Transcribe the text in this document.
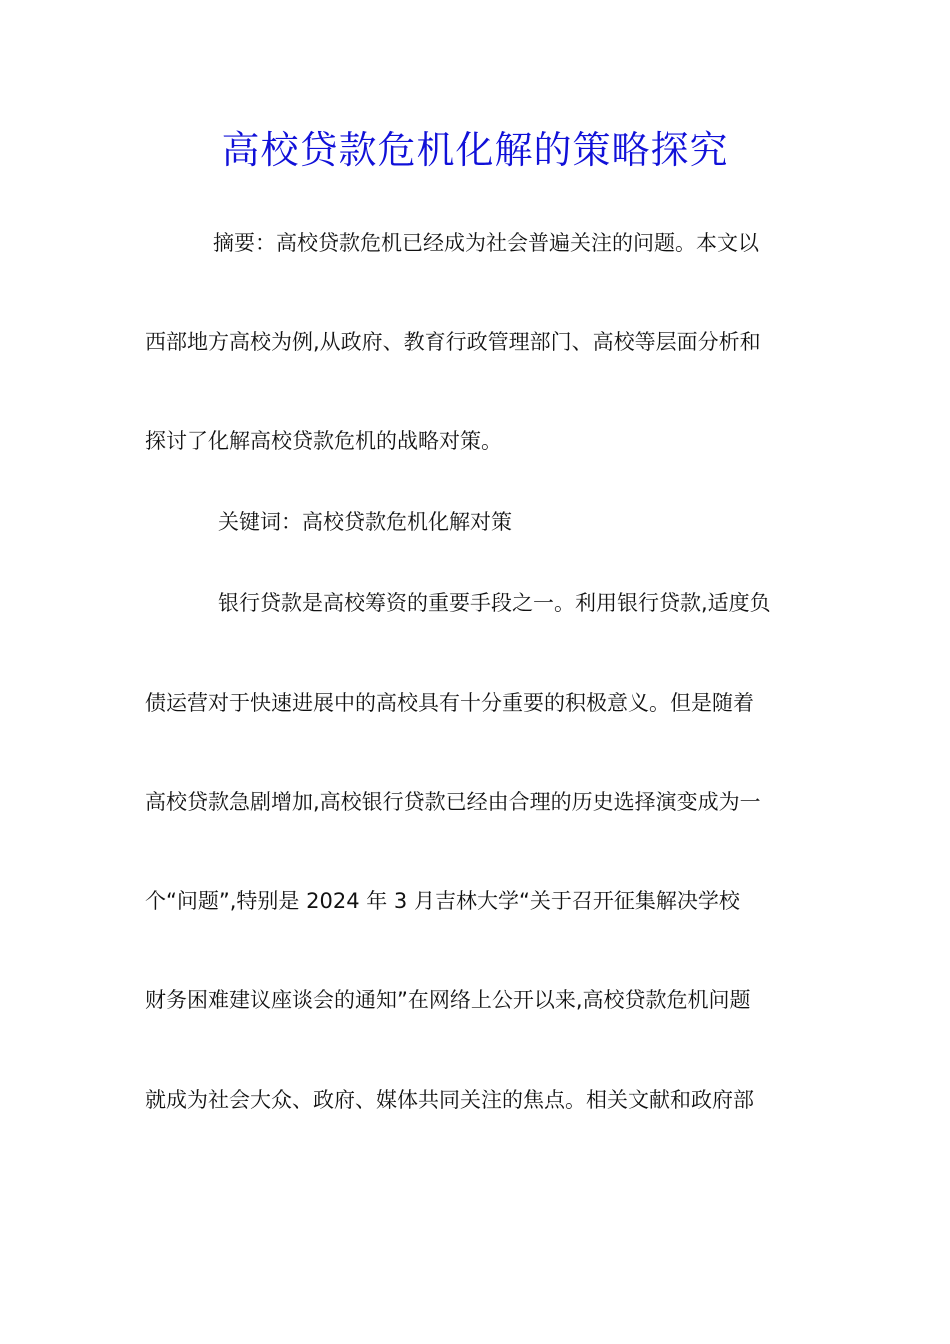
高校贷款危机化解的策略探究
摘要：高校贷款危机已经成为社会普遍关注的问题。本文以
西部地方高校为例,从政府、教育行政管理部门、高校等层面分析和
探讨了化解高校贷款危机的战略对策。
关键词：高校贷款危机化解对策
银行贷款是高校筹资的重要手段之一。利用银行贷款,适度负
债运营对于快速进展中的高校具有十分重要的积极意义。但是随着
高校贷款急剧增加,高校银行贷款已经由合理的历史选择演变成为一
个“问题”,特别是 2024 年 3 月吉林大学“关于召开征集解决学校
财务困难建议座谈会的通知”在网络上公开以来,高校贷款危机问题
就成为社会大众、政府、媒体共同关注的焦点。相关文献和政府部
